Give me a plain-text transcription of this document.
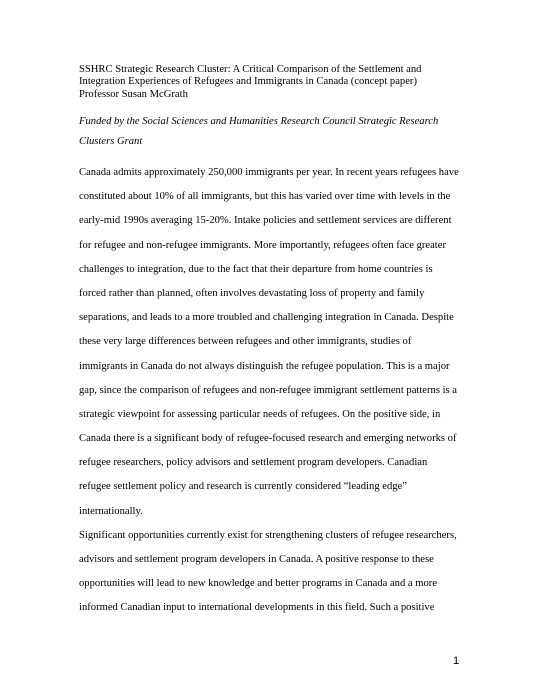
SSHRC Strategic Research Cluster: A Critical Comparison of the Settlement and
Integration Experiences of Refugees and Immigrants in Canada (concept paper)
Professor Susan McGrath
Funded by the Social Sciences and Humanities Research Council Strategic Research
Clusters Grant
Canada admits approximately 250,000 immigrants per year. In recent years refugees have
constituted about 10% of all immigrants, but this has varied over time with levels in the
early-mid 1990s averaging 15-20%. Intake policies and settlement services are different
for refugee and non-refugee immigrants. More importantly, refugees often face greater
challenges to integration, due to the fact that their departure from home countries is
forced rather than planned, often involves devastating loss of property and family
separations, and leads to a more troubled and challenging integration in Canada. Despite
these very large differences between refugees and other immigrants, studies of
immigrants in Canada do not always distinguish the refugee population. This is a major
gap, since the comparison of refugees and non-refugee immigrant settlement patterns is a
strategic viewpoint for assessing particular needs of refugees. On the positive side, in
Canada there is a significant body of refugee-focused research and emerging networks of
refugee researchers, policy advisors and settlement program developers. Canadian
refugee settlement policy and research is currently considered “leading edge”
internationally.
Significant opportunities currently exist for strengthening clusters of refugee researchers,
advisors and settlement program developers in Canada. A positive response to these
opportunities will lead to new knowledge and better programs in Canada and a more
informed Canadian input to international developments in this field. Such a positive
1
